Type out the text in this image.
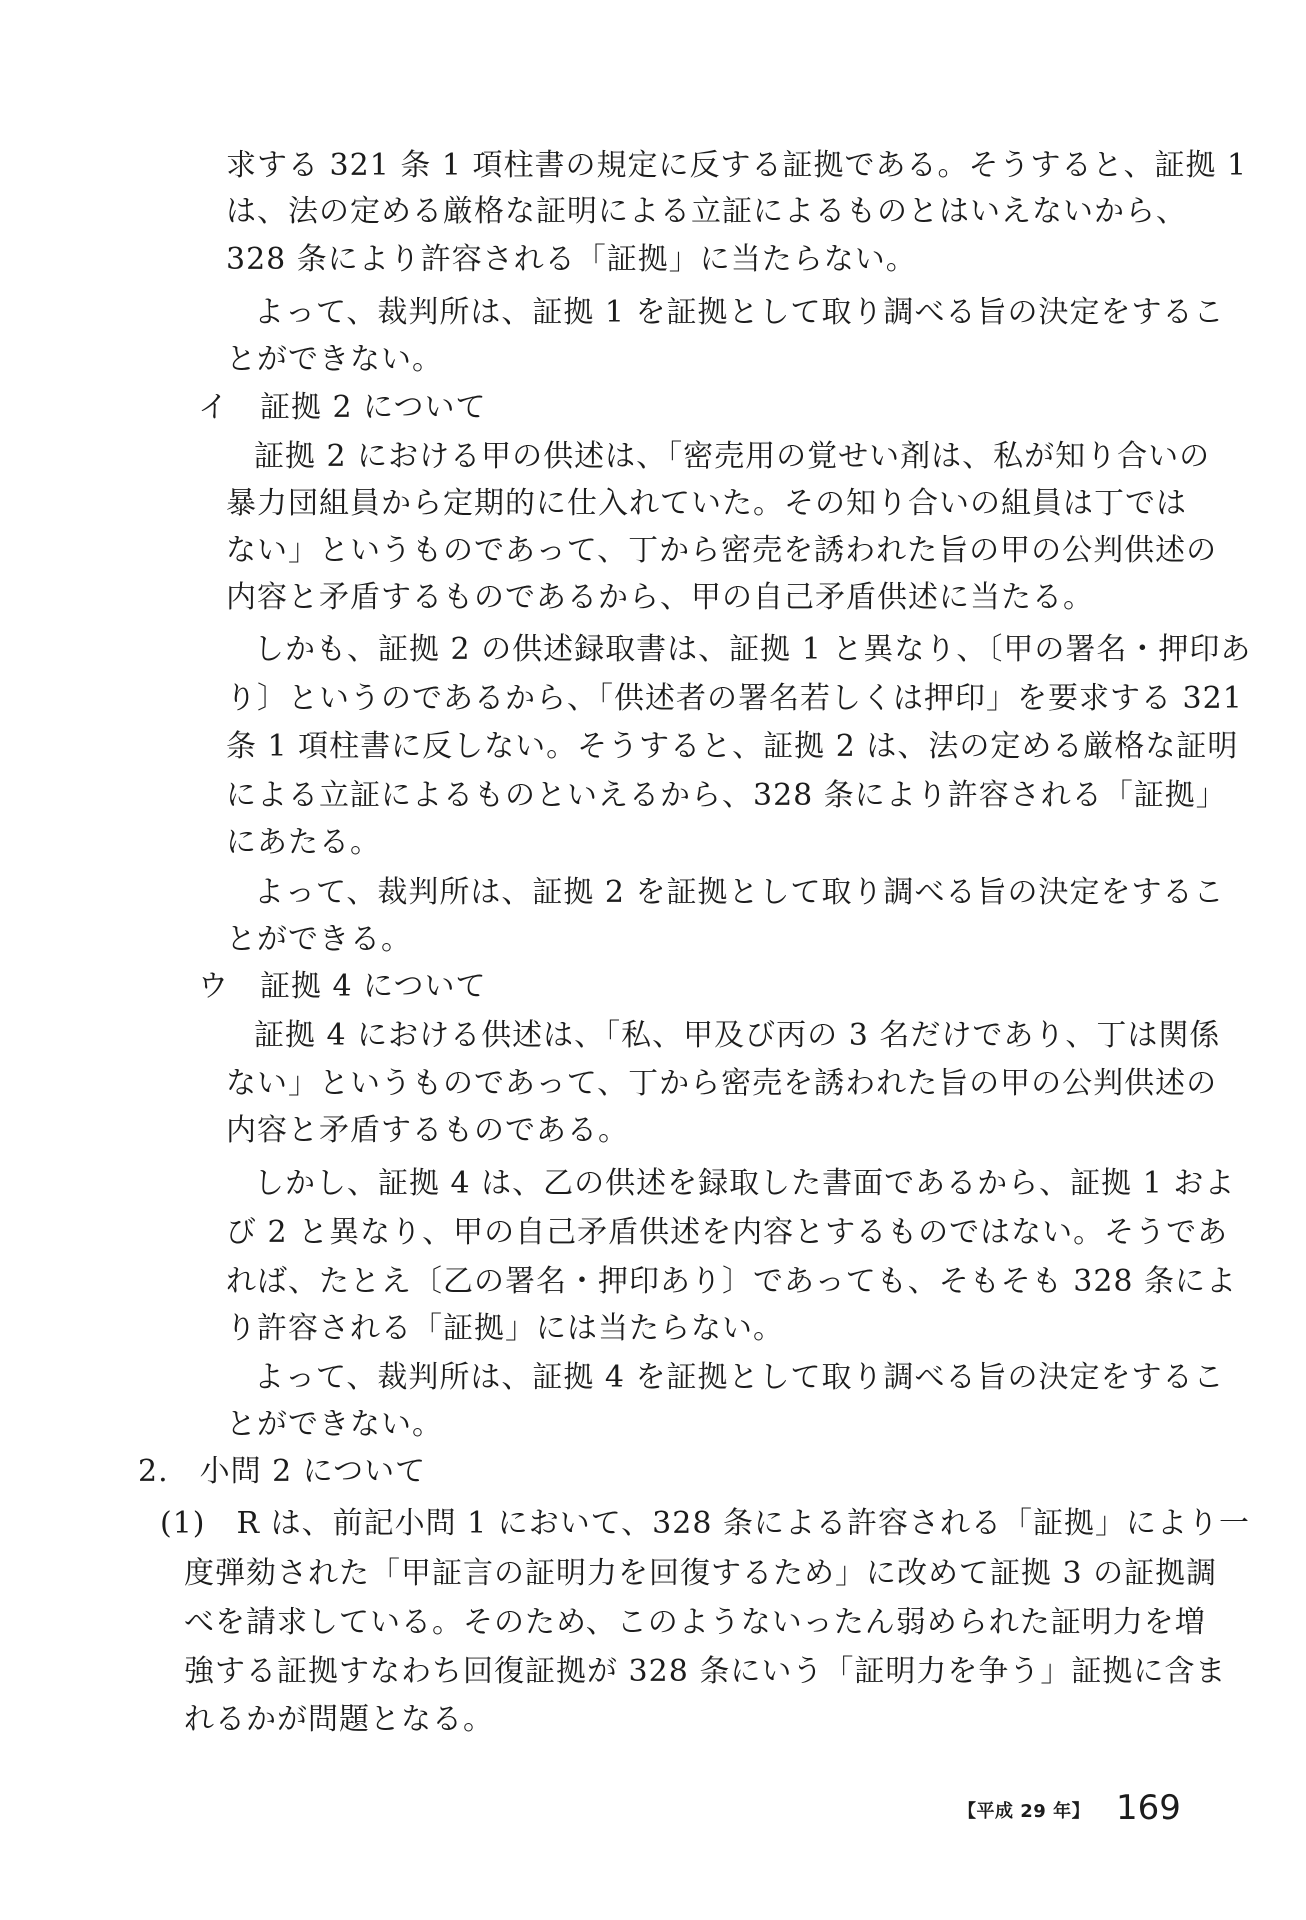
求する 321 条 1 項柱書の規定に反する証拠である。そうすると、証拠 1
は、法の定める厳格な証明による立証によるものとはいえないから、
328 条により許容される「証拠」に当たらない。
よって、裁判所は、証拠 1 を証拠として取り調べる旨の決定をするこ
とができない。
イ　証拠 2 について
証拠 2 における甲の供述は、「密売用の覚せい剤は、私が知り合いの
暴力団組員から定期的に仕入れていた。その知り合いの組員は丁では
ない」というものであって、丁から密売を誘われた旨の甲の公判供述の
内容と矛盾するものであるから、甲の自己矛盾供述に当たる。
しかも、証拠 2 の供述録取書は、証拠 1 と異なり、〔甲の署名・押印あ
り〕というのであるから、「供述者の署名若しくは押印」を要求する 321
条 1 項柱書に反しない。そうすると、証拠 2 は、法の定める厳格な証明
による立証によるものといえるから、328 条により許容される「証拠」
にあたる。
よって、裁判所は、証拠 2 を証拠として取り調べる旨の決定をするこ
とができる。
ウ　証拠 4 について
証拠 4 における供述は、「私、甲及び丙の 3 名だけであり、丁は関係
ない」というものであって、丁から密売を誘われた旨の甲の公判供述の
内容と矛盾するものである。
しかし、証拠 4 は、乙の供述を録取した書面であるから、証拠 1 およ
び 2 と異なり、甲の自己矛盾供述を内容とするものではない。そうであ
れば、たとえ〔乙の署名・押印あり〕であっても、そもそも 328 条によ
り許容される「証拠」には当たらない。
よって、裁判所は、証拠 4 を証拠として取り調べる旨の決定をするこ
とができない。
2.　小問 2 について
(1)　R は、前記小問 1 において、328 条による許容される「証拠」により一
度弾劾された「甲証言の証明力を回復するため」に改めて証拠 3 の証拠調
べを請求している。そのため、このようないったん弱められた証明力を増
強する証拠すなわち回復証拠が 328 条にいう「証明力を争う」証拠に含ま
れるかが問題となる。
【平成 29 年】 169
